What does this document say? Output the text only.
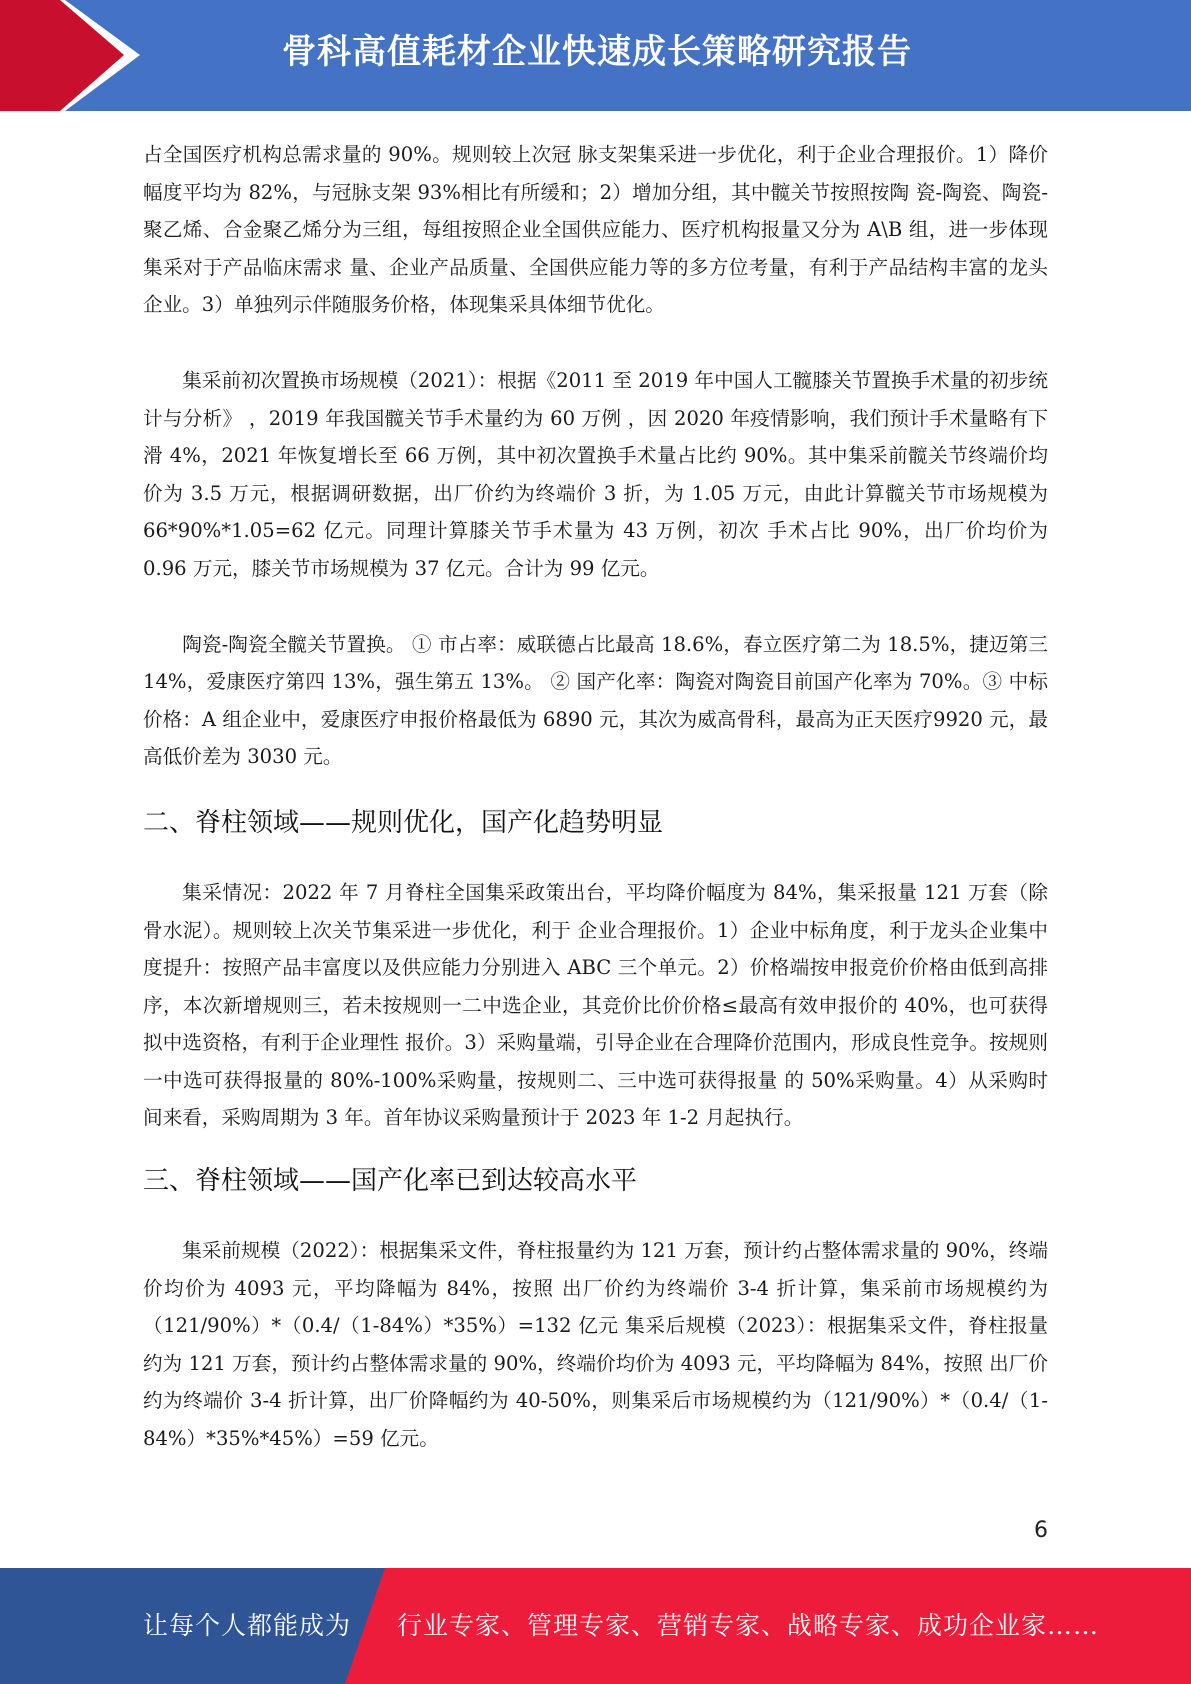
骨科高值耗材企业快速成长策略研究报告

占全国医疗机构总需求量的 90%。规则较上次冠 脉支架集采进一步优化，利于企业合理报价。1）降价幅度平均为 82%，与冠脉支架 93%相比有所缓和；2）增加分组，其中髋关节按照按陶 瓷-陶瓷、陶瓷-聚乙烯、合金聚乙烯分为三组，每组按照企业全国供应能力、医疗机构报量又分为 A\B 组，进一步体现集采对于产品临床需求 量、企业产品质量、全国供应能力等的多方位考量，有利于产品结构丰富的龙头企业。3）单独列示伴随服务价格，体现集采具体细节优化。

集采前初次置换市场规模（2021）：根据《2011 至 2019 年中国人工髋膝关节置换手术量的初步统计与分析》 ，2019 年我国髋关节手术量约为 60 万例 ，因 2020 年疫情影响，我们预计手术量略有下滑 4%，2021 年恢复增长至 66 万例，其中初次置换手术量占比约 90%。其中集采前髋关节终端价均价为 3.5 万元，根据调研数据，出厂价约为终端价 3 折，为 1.05 万元，由此计算髋关节市场规模为 66*90%*1.05=62 亿元。同理计算膝关节手术量为 43 万例，初次 手术占比 90%，出厂价均价为 0.96 万元，膝关节市场规模为 37 亿元。合计为 99 亿元。

陶瓷-陶瓷全髋关节置换。 ① 市占率：威联德占比最高 18.6%，春立医疗第二为 18.5%，捷迈第三 14%，爱康医疗第四 13%，强生第五 13%。 ② 国产化率：陶瓷对陶瓷目前国产化率为 70%。③ 中标价格：A 组企业中，爱康医疗申报价格最低为 6890 元，其次为威高骨科，最高为正天医疗9920 元，最高低价差为 3030 元。

二、脊柱领域——规则优化，国产化趋势明显

集采情况：2022 年 7 月脊柱全国集采政策出台，平均降价幅度为 84%，集采报量 121 万套（除骨水泥）。规则较上次关节集采进一步优化，利于 企业合理报价。1）企业中标角度，利于龙头企业集中度提升：按照产品丰富度以及供应能力分别进入 ABC 三个单元。2）价格端按申报竞价价格由低到高排序，本次新增规则三，若未按规则一二中选企业，其竞价比价价格≤最高有效申报价的 40%，也可获得拟中选资格，有利于企业理性 报价。3）采购量端，引导企业在合理降价范围内，形成良性竞争。按规则一中选可获得报量的 80%-100%采购量，按规则二、三中选可获得报量 的 50%采购量。4）从采购时间来看，采购周期为 3 年。首年协议采购量预计于 2023 年 1-2 月起执行。

三、脊柱领域——国产化率已到达较高水平

集采前规模（2022）：根据集采文件，脊柱报量约为 121 万套，预计约占整体需求量的 90%，终端价均价为 4093 元，平均降幅为 84%，按照 出厂价约为终端价 3-4 折计算，集采前市场规模约为（121/90%）*（0.4/（1-84%）*35%）=132 亿元 集采后规模（2023）：根据集采文件，脊柱报量约为 121 万套，预计约占整体需求量的 90%，终端价均价为 4093 元，平均降幅为 84%，按照 出厂价约为终端价 3-4 折计算，出厂价降幅约为 40-50%，则集采后市场规模约为（121/90%）*（0.4/（1-84%）*35%*45%）=59 亿元。

6
让每个人都能成为 行业专家、管理专家、营销专家、战略专家、成功企业家……
